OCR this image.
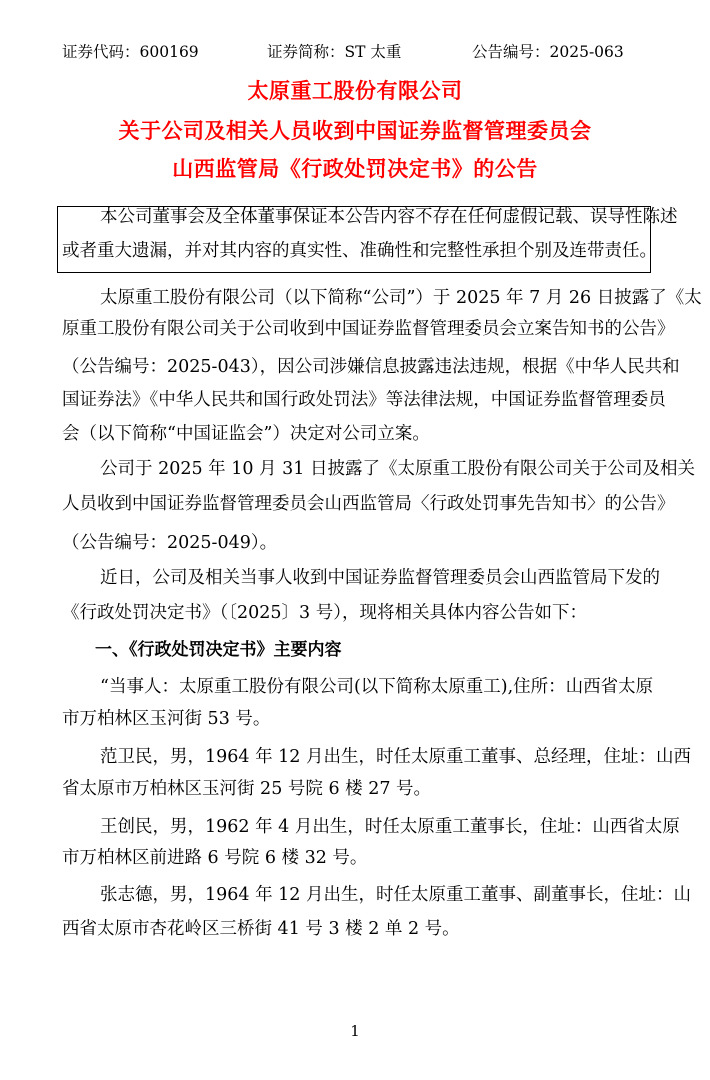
证券代码：600169	证券简称：ST 太重	公告编号：2025-063
太原重工股份有限公司
关于公司及相关人员收到中国证券监督管理委员会
山西监管局《行政处罚决定书》的公告
本公司董事会及全体董事保证本公告内容不存在任何虚假记载、误导性陈述
或者重大遗漏，并对其内容的真实性、准确性和完整性承担个别及连带责任。
太原重工股份有限公司（以下简称“公司”）于 2025 年 7 月 26 日披露了《太
原重工股份有限公司关于公司收到中国证券监督管理委员会立案告知书的公告》
（公告编号：2025-043），因公司涉嫌信息披露违法违规，根据《中华人民共和
国证券法》《中华人民共和国行政处罚法》等法律法规，中国证券监督管理委员
会（以下简称“中国证监会”）决定对公司立案。
公司于 2025 年 10 月 31 日披露了《太原重工股份有限公司关于公司及相关
人员收到中国证券监督管理委员会山西监管局〈行政处罚事先告知书〉的公告》
（公告编号：2025-049）。
近日，公司及相关当事人收到中国证券监督管理委员会山西监管局下发的
《行政处罚决定书》（〔2025〕3 号），现将相关具体内容公告如下：
一、《行政处罚决定书》主要内容
“当事人：太原重工股份有限公司(以下简称太原重工),住所：山西省太原
市万柏林区玉河街 53 号。
范卫民，男，1964 年 12 月出生，时任太原重工董事、总经理，住址：山西
省太原市万柏林区玉河街 25 号院 6 楼 27 号。
王创民，男，1962 年 4 月出生，时任太原重工董事长，住址：山西省太原
市万柏林区前进路 6 号院 6 楼 32 号。
张志德，男，1964 年 12 月出生，时任太原重工董事、副董事长，住址：山
西省太原市杏花岭区三桥街 41 号 3 楼 2 单 2 号。
1
